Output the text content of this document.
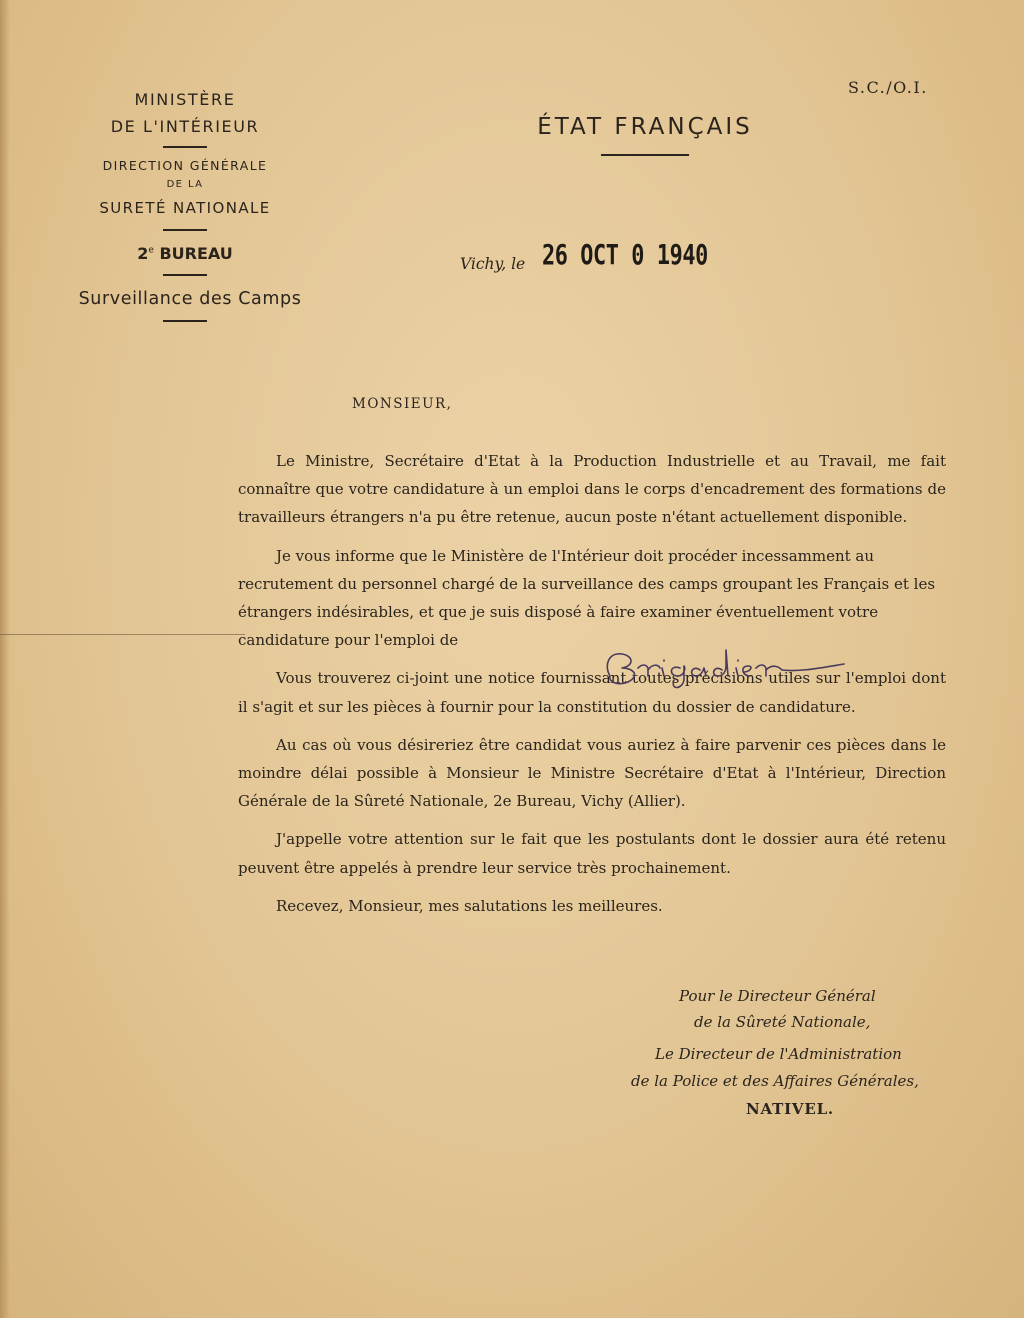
MINISTÈRE
DE L'INTÉRIEUR
DIRECTION GÉNÉRALE
DE LA
SURETÉ NATIONALE
2e BUREAU
Surveillance des Camps
ÉTAT FRANÇAIS
Vichy, le 26 OCT 0 1940
S.C./O.I.
MONSIEUR,

Le Ministre, Secrétaire d'Etat à la Production Industrielle et au Travail, me fait connaître que votre candidature à un emploi dans le corps d'encadrement des formations de travailleurs étrangers n'a pu être retenue, aucun poste n'étant actuellement disponible.

Je vous informe que le Ministère de l'Intérieur doit procéder incessamment au recrutement du personnel chargé de la surveillance des camps groupant les Français et les étrangers indésirables, et que je suis disposé à faire examiner éventuellement votre candidature pour l'emploi de

Vous trouverez ci-joint une notice fournissant toutes précisions utiles sur l'emploi dont il s'agit et sur les pièces à fournir pour la constitution du dossier de candidature.

Au cas où vous désireriez être candidat vous auriez à faire parvenir ces pièces dans le moindre délai possible à Monsieur le Ministre Secrétaire d'Etat à l'Intérieur, Direction Générale de la Sûreté Nationale, 2e Bureau, Vichy (Allier).

J'appelle votre attention sur le fait que les postulants dont le dossier aura été retenu peuvent être appelés à prendre leur service très prochainement.

Recevez, Monsieur, mes salutations les meilleures.

Pour le Directeur Général
de la Sûreté Nationale,
Le Directeur de l'Administration
de la Police et des Affaires Générales,
NATIVEL.
